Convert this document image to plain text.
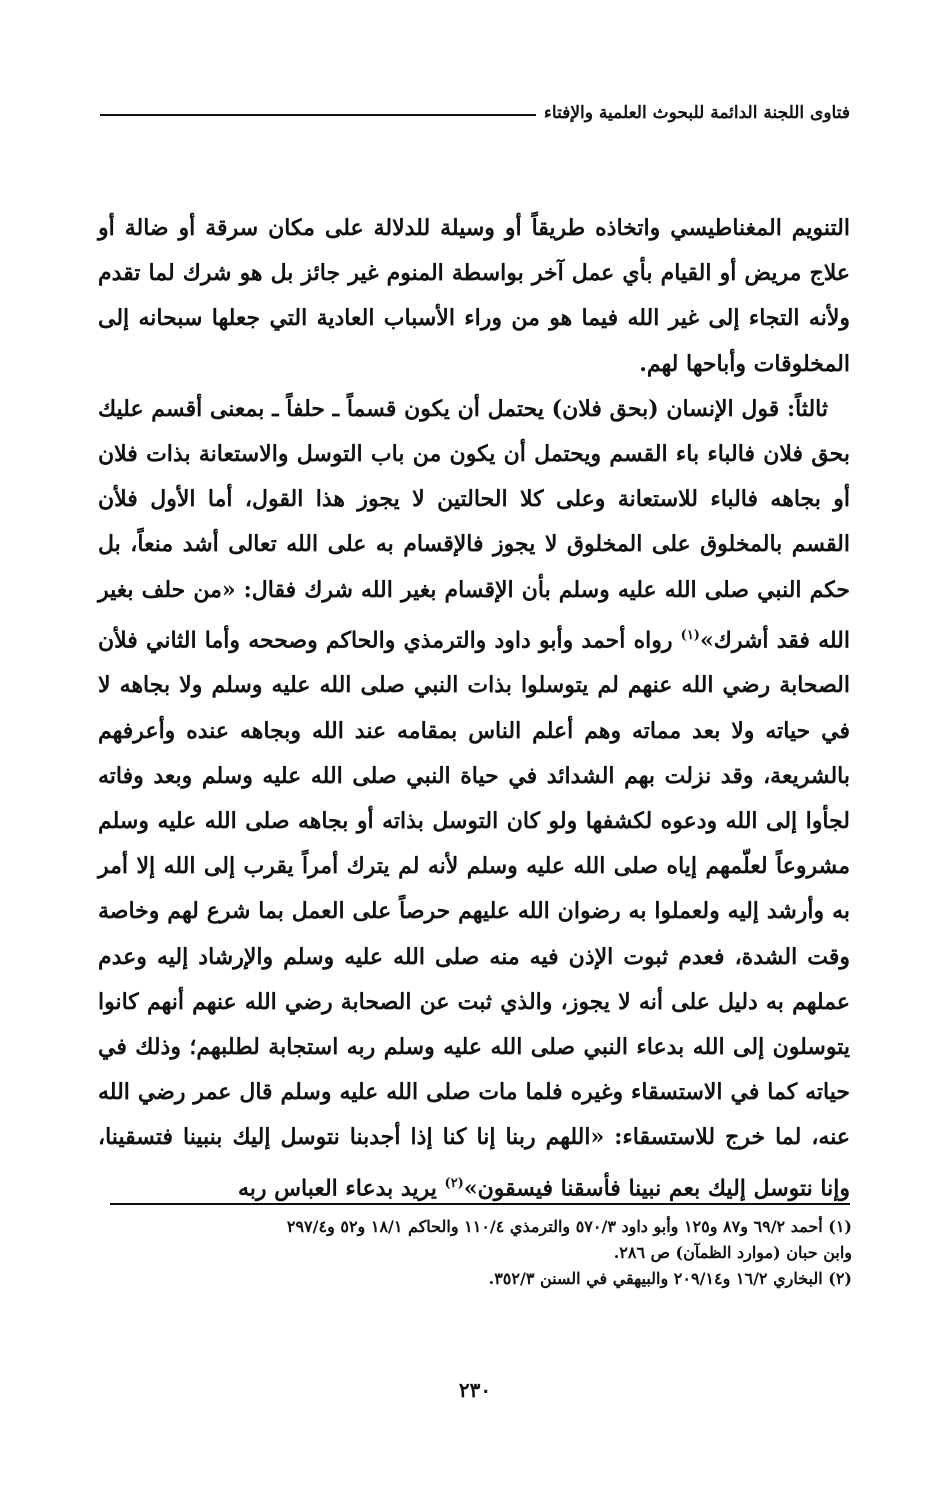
فتاوى اللجنة الدائمة للبحوث العلمية والإفتاء

التنويم المغناطيسي واتخاذه طريقاً أو وسيلة للدلالة على مكان سرقة أو ضالة أو علاج مريض أو القيام بأي عمل آخر بواسطة المنوم غير جائز بل هو شرك لما تقدم ولأنه التجاء إلى غير الله فيما هو من وراء الأسباب العادية التي جعلها سبحانه إلى المخلوقات وأباحها لهم.

ثالثاً: قول الإنسان (بحق فلان) يحتمل أن يكون قسماً ـ حلفاً ـ بمعنى أقسم عليك بحق فلان فالباء باء القسم ويحتمل أن يكون من باب التوسل والاستعانة بذات فلان أو بجاهه فالباء للاستعانة وعلى كلا الحالتين لا يجوز هذا القول، أما الأول فلأن القسم بالمخلوق على المخلوق لا يجوز فالإقسام به على الله تعالى أشد منعاً، بل حكم النبي صلى الله عليه وسلم بأن الإقسام بغير الله شرك فقال: «من حلف بغير الله فقد أشرك»$^{(١)}$ رواه أحمد وأبو داود والترمذي والحاكم وصححه وأما الثاني فلأن الصحابة رضي الله عنهم لم يتوسلوا بذات النبي صلى الله عليه وسلم ولا بجاهه لا في حياته ولا بعد مماته وهم أعلم الناس بمقامه عند الله وبجاهه عنده وأعرفهم بالشريعة، وقد نزلت بهم الشدائد في حياة النبي صلى الله عليه وسلم وبعد وفاته لجأوا إلى الله ودعوه لكشفها ولو كان التوسل بذاته أو بجاهه صلى الله عليه وسلم مشروعاً لعلّمهم إياه صلى الله عليه وسلم لأنه لم يترك أمراً يقرب إلى الله إلا أمر به وأرشد إليه ولعملوا به رضوان الله عليهم حرصاً على العمل بما شرع لهم وخاصة وقت الشدة، فعدم ثبوت الإذن فيه منه صلى الله عليه وسلم والإرشاد إليه وعدم عملهم به دليل على أنه لا يجوز، والذي ثبت عن الصحابة رضي الله عنهم أنهم كانوا يتوسلون إلى الله بدعاء النبي صلى الله عليه وسلم ربه استجابة لطلبهم؛ وذلك في حياته كما في الاستسقاء وغيره فلما مات صلى الله عليه وسلم قال عمر رضي الله عنه، لما خرج للاستسقاء: «اللهم ربنا إنا كنا إذا أجدبنا نتوسل إليك بنبينا فتسقينا، وإنا نتوسل إليك بعم نبينا فأسقنا فيسقون»$^{(٢)}$ يريد بدعاء العباس ربه

(١) أحمد ٦٩/٢ و٨٧ و١٢٥ وأبو داود ٥٧٠/٣ والترمذي ١١٠/٤ والحاكم ١٨/١ و٥٢ و٢٩٧/٤

وابن حبان (موارد الظمآن) ص ٢٨٦.

(٢) البخاري ١٦/٢ و٢٠٩/١٤ والبيهقي في السنن ٣٥٢/٣.

٢٣٠
